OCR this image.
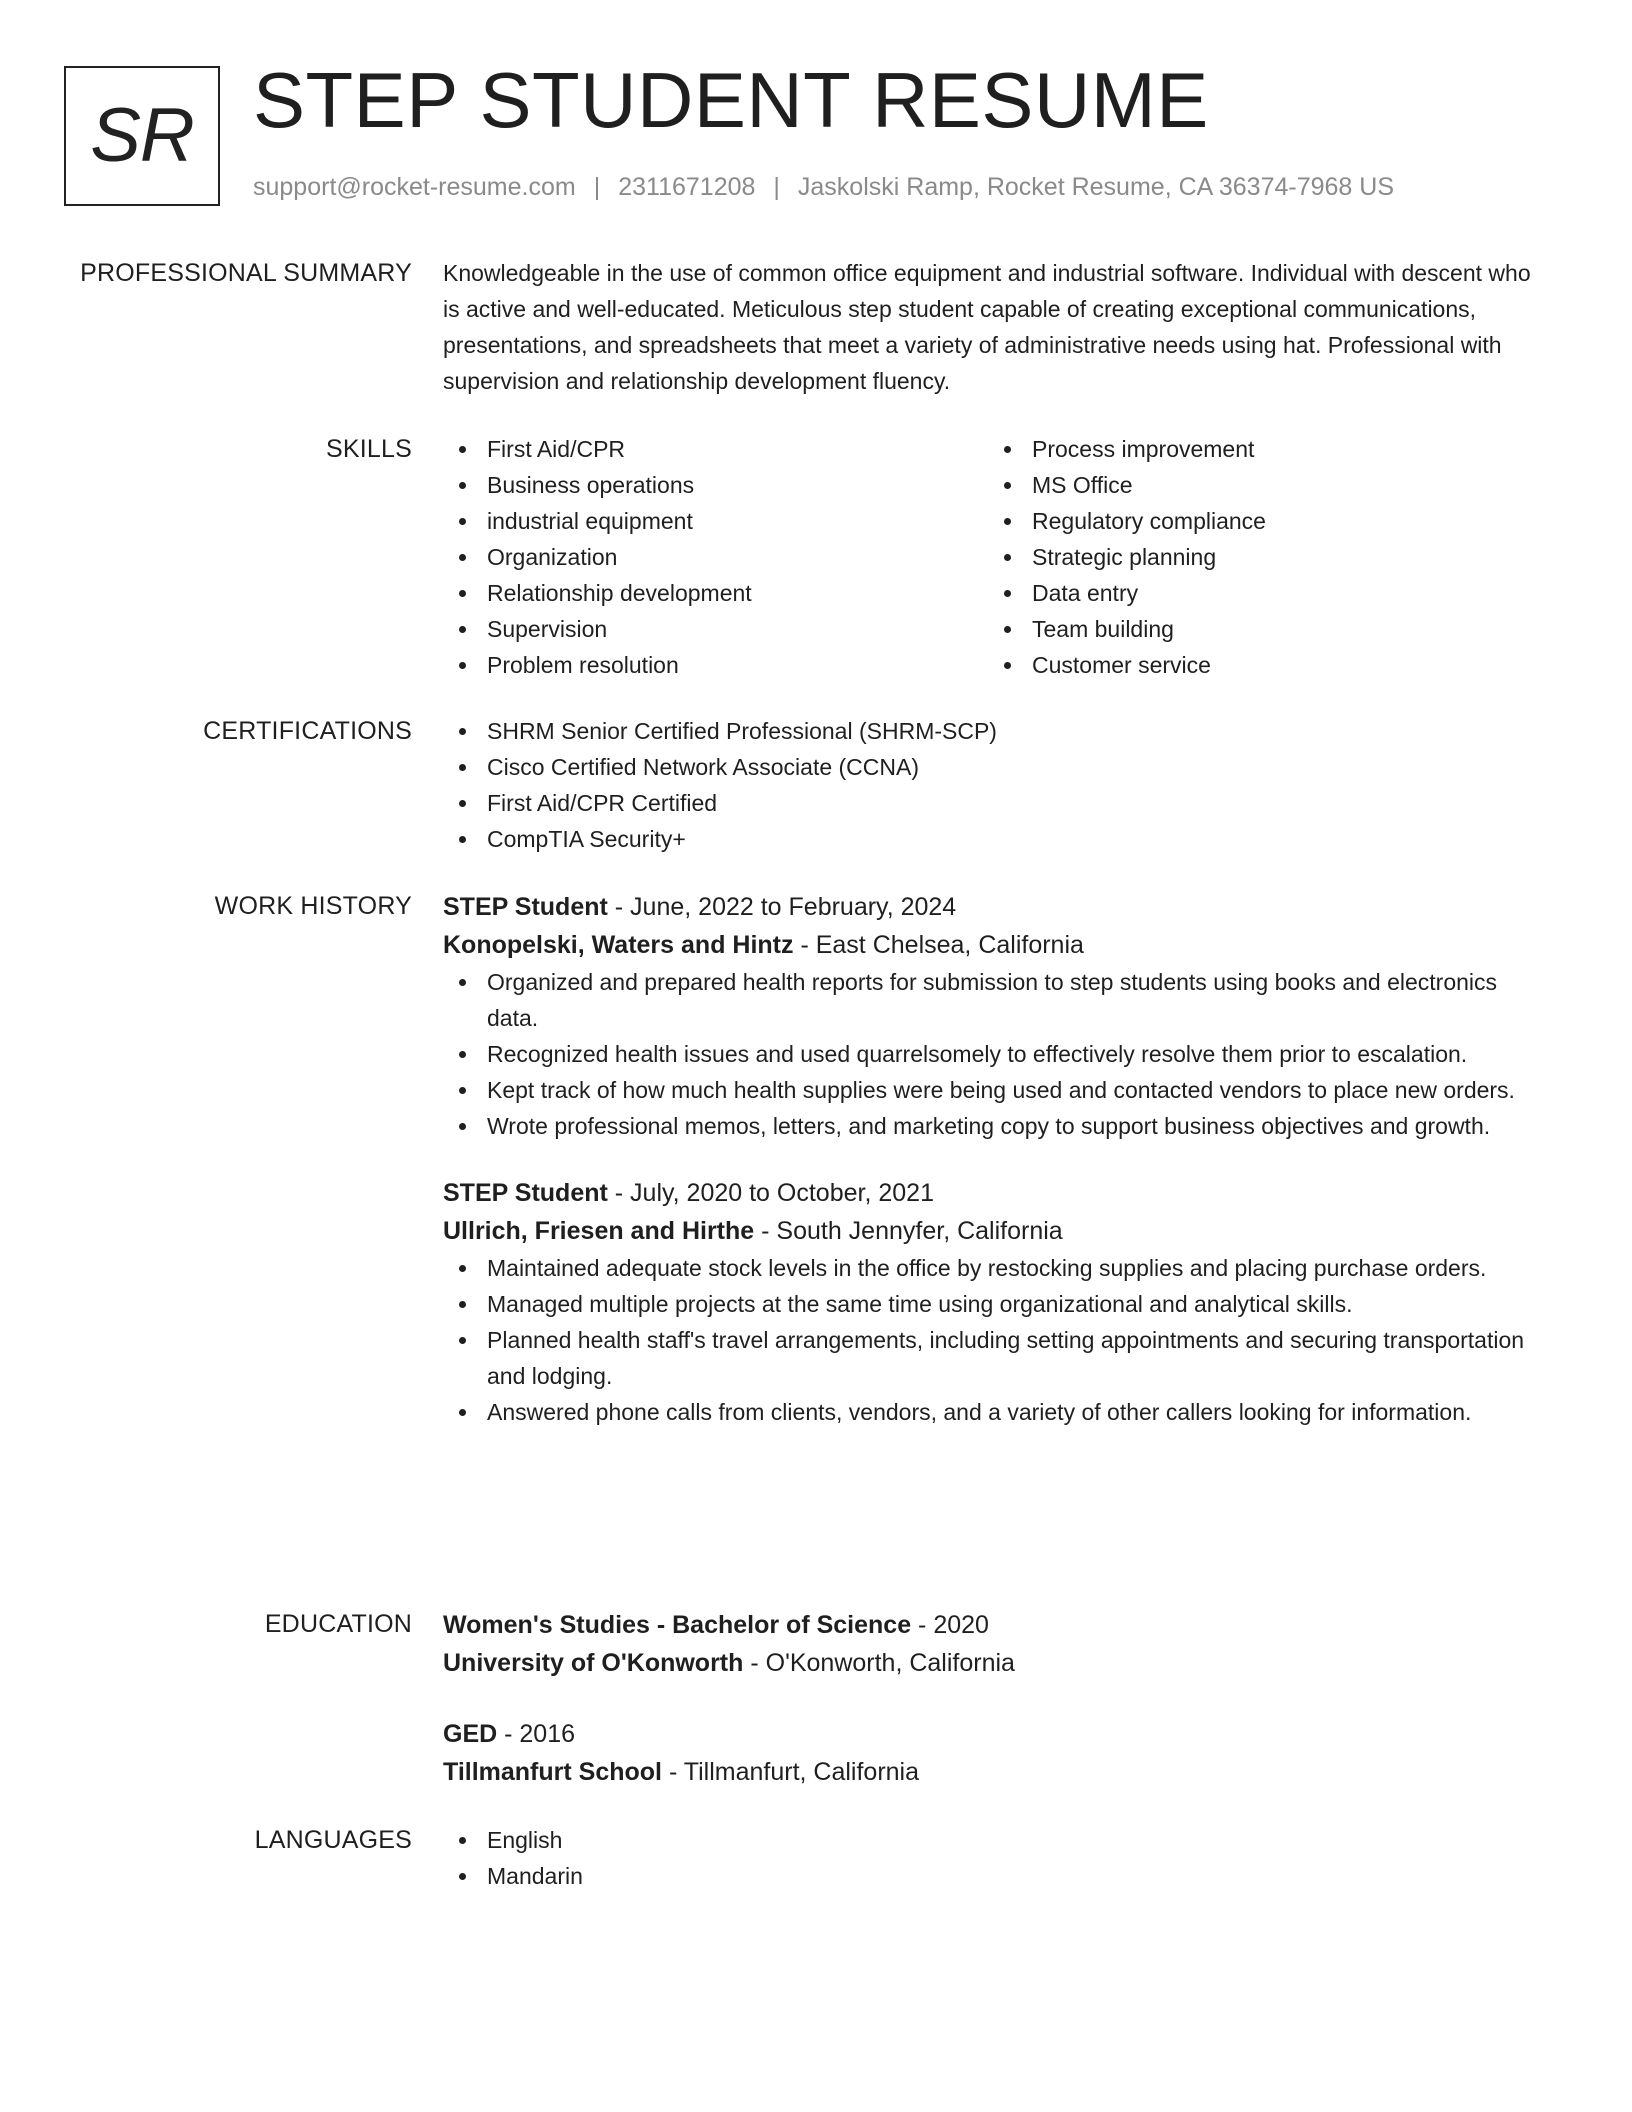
SR STEP STUDENT RESUME
support@rocket-resume.com | 2311671208 | Jaskolski Ramp, Rocket Resume, CA 36374-7968 US
PROFESSIONAL SUMMARY Knowledgeable in the use of common office equipment and industrial software. Individual with descent who is active and well-educated. Meticulous step student capable of creating exceptional communications, presentations, and spreadsheets that meet a variety of administrative needs using hat. Professional with supervision and relationship development fluency.

SKILLS	First Aid/CPR
Business operations
industrial equipment
Organization
Relationship development
Supervision
Problem resolution
Process improvement
MS Office
Regulatory compliance
Strategic planning
Data entry
Team building
Customer service
CERTIFICATIONS	SHRM Senior Certified Professional (SHRM-SCP)
Cisco Certified Network Associate (CCNA)
First Aid/CPR Certified
CompTIA Security+
WORK HISTORY STEP Student - June, 2022 to February, 2024
Konopelski, Waters and Hintz - East Chelsea, California
Organized and prepared health reports for submission to step students using books and electronics data.
Recognized health issues and used quarrelsomely to effectively resolve them prior to escalation.
Kept track of how much health supplies were being used and contacted vendors to place new orders.
Wrote professional memos, letters, and marketing copy to support business objectives and growth.
STEP Student - July, 2020 to October, 2021
Ullrich, Friesen and Hirthe - South Jennyfer, California
Maintained adequate stock levels in the office by restocking supplies and placing purchase orders.
Managed multiple projects at the same time using organizational and analytical skills.
Planned health staff's travel arrangements, including setting appointments and securing transportation and lodging.
Answered phone calls from clients, vendors, and a variety of other callers looking for information.
EDUCATION Women's Studies - Bachelor of Science - 2020
University of O'Konworth - O'Konworth, California
GED - 2016
Tillmanfurt School - Tillmanfurt, California
LANGUAGES	English
Mandarin
